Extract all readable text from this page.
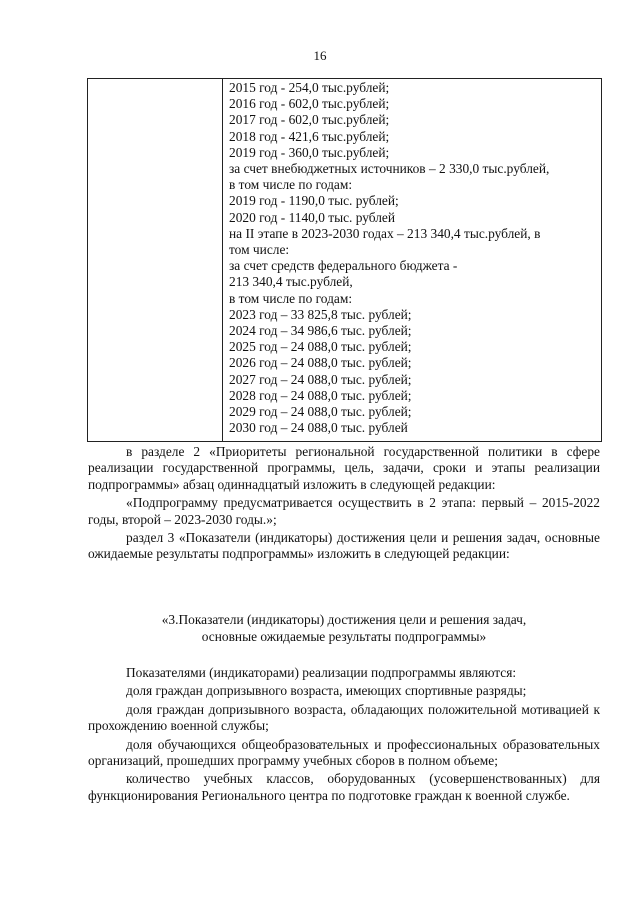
16
2015 год - 254,0 тыс.рублей;
2016 год - 602,0 тыс.рублей;
2017 год - 602,0 тыс.рублей;
2018 год - 421,6 тыс.рублей;
2019 год - 360,0 тыс.рублей;
за счет внебюджетных источников – 2 330,0 тыс.рублей,
в том числе по годам:
2019 год - 1190,0 тыс. рублей;
2020 год - 1140,0 тыс. рублей
на II этапе в 2023-2030 годах – 213 340,4 тыс.рублей, в
том числе:
за счет средств федерального бюджета -
213 340,4 тыс.рублей,
в том числе по годам:
2023 год – 33 825,8 тыс. рублей;
2024 год – 34 986,6 тыс. рублей;
2025 год – 24 088,0 тыс. рублей;
2026 год – 24 088,0 тыс. рублей;
2027 год – 24 088,0 тыс. рублей;
2028 год – 24 088,0 тыс. рублей;
2029 год – 24 088,0 тыс. рублей;
2030 год – 24 088,0 тыс. рублей

в разделе 2 «Приоритеты региональной государственной политики в сфере реализации государственной программы, цель, задачи, сроки и этапы реализации подпрограммы» абзац одиннадцатый изложить в следующей редакции:

«Подпрограмму предусматривается осуществить в 2 этапа: первый – 2015-2022 годы, второй – 2023-2030 годы.»;

раздел 3 «Показатели (индикаторы) достижения цели и решения задач, основные ожидаемые результаты подпрограммы» изложить в следующей редакции:

«3.Показатели (индикаторы) достижения цели и решения задач,
основные ожидаемые результаты подпрограммы»

Показателями (индикаторами) реализации подпрограммы являются:

доля граждан допризывного возраста, имеющих спортивные разряды;

доля граждан допризывного возраста, обладающих положительной мотивацией к прохождению военной службы;

доля обучающихся общеобразовательных и профессиональных образовательных организаций, прошедших программу учебных сборов в полном объеме;

количество учебных классов, оборудованных (усовершенствованных) для функционирования Регионального центра по подготовке граждан к военной службе.
